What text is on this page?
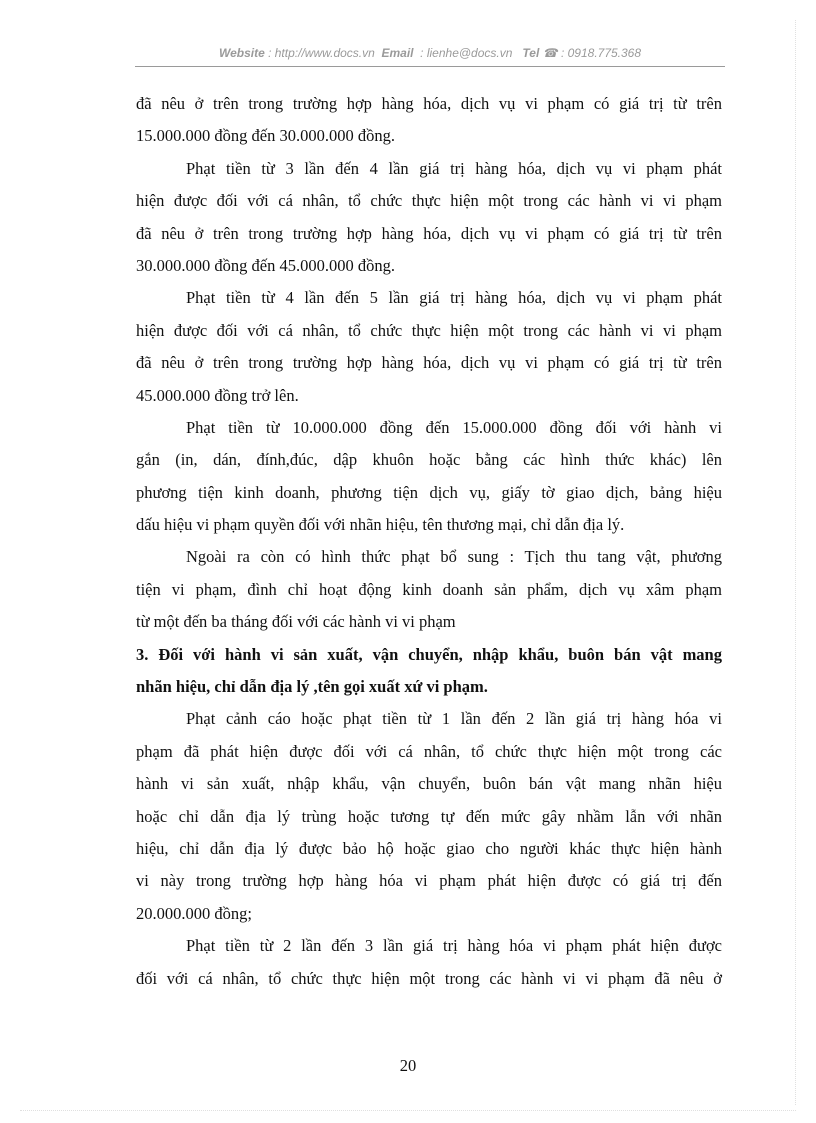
Website : http://www.docs.vn Email : lienhe@docs.vn Tel ☎ : 0918.775.368
đã nêu ở trên trong trường hợp hàng hóa, dịch vụ vi phạm có giá trị từ trên
15.000.000 đồng đến 30.000.000 đồng.
Phạt tiền từ 3 lần đến 4 lần giá trị hàng hóa, dịch vụ vi phạm phát
hiện được đối với cá nhân, tổ chức thực hiện một trong các hành vi vi phạm
đã nêu ở trên trong trường hợp hàng hóa, dịch vụ vi phạm có giá trị từ trên
30.000.000 đồng đến 45.000.000 đồng.
Phạt tiền từ 4 lần đến 5 lần giá trị hàng hóa, dịch vụ vi phạm phát
hiện được đối với cá nhân, tổ chức thực hiện một trong các hành vi vi phạm
đã nêu ở trên trong trường hợp hàng hóa, dịch vụ vi phạm có giá trị từ trên
45.000.000 đồng trở lên.
Phạt tiền từ 10.000.000 đồng đến 15.000.000 đồng đối với hành vi
gắn (in, dán, đính,đúc, dập khuôn hoặc bằng các hình thức khác) lên
phương tiện kinh doanh, phương tiện dịch vụ, giấy tờ giao dịch, bảng hiệu
dấu hiệu vi phạm quyền đối với nhãn hiệu, tên thương mại, chỉ dẫn địa lý.
Ngoài ra còn có hình thức phạt bổ sung : Tịch thu tang vật, phương
tiện vi phạm, đình chỉ hoạt động kinh doanh sản phẩm, dịch vụ xâm phạm
từ một đến ba tháng đối với các hành vi vi phạm
3. Đối với hành vi sản xuất, vận chuyển, nhập khẩu, buôn bán vật mang
nhãn hiệu, chỉ dẫn địa lý ,tên gọi xuất xứ vi phạm.
Phạt cảnh cáo hoặc phạt tiền từ 1 lần đến 2 lần giá trị hàng hóa vi
phạm đã phát hiện được đối với cá nhân, tổ chức thực hiện một trong các
hành vi sản xuất, nhập khẩu, vận chuyển, buôn bán vật mang nhãn hiệu
hoặc chỉ dẫn địa lý trùng hoặc tương tự đến mức gây nhầm lẫn với nhãn
hiệu, chỉ dẫn địa lý được bảo hộ hoặc giao cho người khác thực hiện hành
vi này trong trường hợp hàng hóa vi phạm phát hiện được có giá trị đến
20.000.000 đồng;
Phạt tiền từ 2 lần đến 3 lần giá trị hàng hóa vi phạm phát hiện được
đối với cá nhân, tổ chức thực hiện một trong các hành vi vi phạm đã nêu ở
20
